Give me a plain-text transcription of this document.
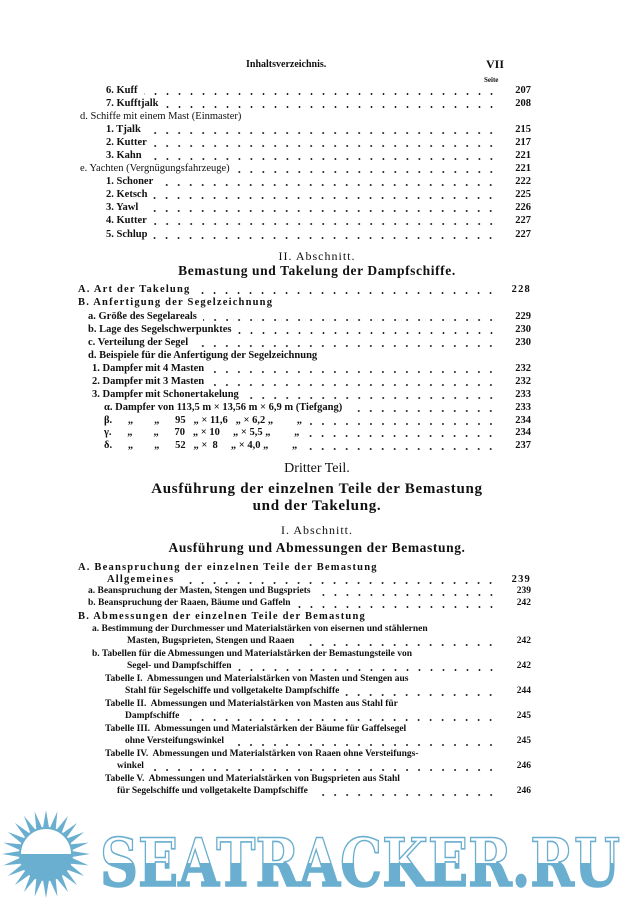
Inhaltsverzeichnis.	VII
Seite
6. Kuff	207
7. Kufftjalk	208
d. Schiffe mit einem Mast (Einmaster)
1. Tjalk	215
2. Kutter	217
3. Kahn	221
e. Yachten (Vergnügungsfahrzeuge)	221
1. Schoner	222
2. Ketsch	225
3. Yawl	226
4. Kutter	227
5. Schlup	227
II. Abschnitt.
Bemastung und Takelung der Dampfschiffe.
A. Art der Takelung	228
B. Anfertigung der Segelzeichnung
a. Größe des Segelareals	229
b. Lage des Segelschwerpunktes	230
c. Verteilung der Segel	230
d. Beispiele für die Anfertigung der Segelzeichnung
1. Dampfer mit 4 Masten	232
2. Dampfer mit 3 Masten	232
3. Dampfer mit Schonertakelung	233
α. Dampfer von 113,5 m × 13,56 m × 6,9 m (Tiefgang)	233
β.      „        „      95   „ × 11,6   „ × 6,2 „         „	234
γ.      „        „      70   „ × 10     „ × 5,5 „         „	234
δ.      „        „      52   „ ×  8     „ × 4,0 „         „	237
Dritter Teil.
Ausführung der einzelnen Teile der Bemastung
und der Takelung.
I. Abschnitt.
Ausführung und Abmessungen der Bemastung.
A. Beanspruchung der einzelnen Teile der Bemastung
Allgemeines	239
a. Beanspruchung der Masten, Stengen und Bugspriets	239
b. Beanspruchung der Raaen, Bäume und Gaffeln	242
B. Abmessungen der einzelnen Teile der Bemastung
a. Bestimmung der Durchmesser und Materialstärken von eisernen und stählernen
Masten, Bugsprieten, Stengen und Raaen	242
b. Tabellen für die Abmessungen und Materialstärken der Bemastungsteile von
Segel- und Dampfschiffen	242
Tabelle I.  Abmessungen und Materialstärken von Masten und Stengen aus
Stahl für Segelschiffe und vollgetakelte Dampfschiffe	244
Tabelle II.  Abmessungen und Materialstärken von Masten aus Stahl für
Dampfschiffe	245
Tabelle III.  Abmessungen und Materialstärken der Bäume für Gaffelsegel
ohne Versteifungswinkel	245
Tabelle IV.  Abmessungen und Materialstärken von Raaen ohne Versteifungs-
winkel	246
Tabelle V.  Abmessungen und Materialstärken von Bugsprieten aus Stahl
für Segelschiffe und vollgetakelte Dampfschiffe	246
SEATRACKER.RU
